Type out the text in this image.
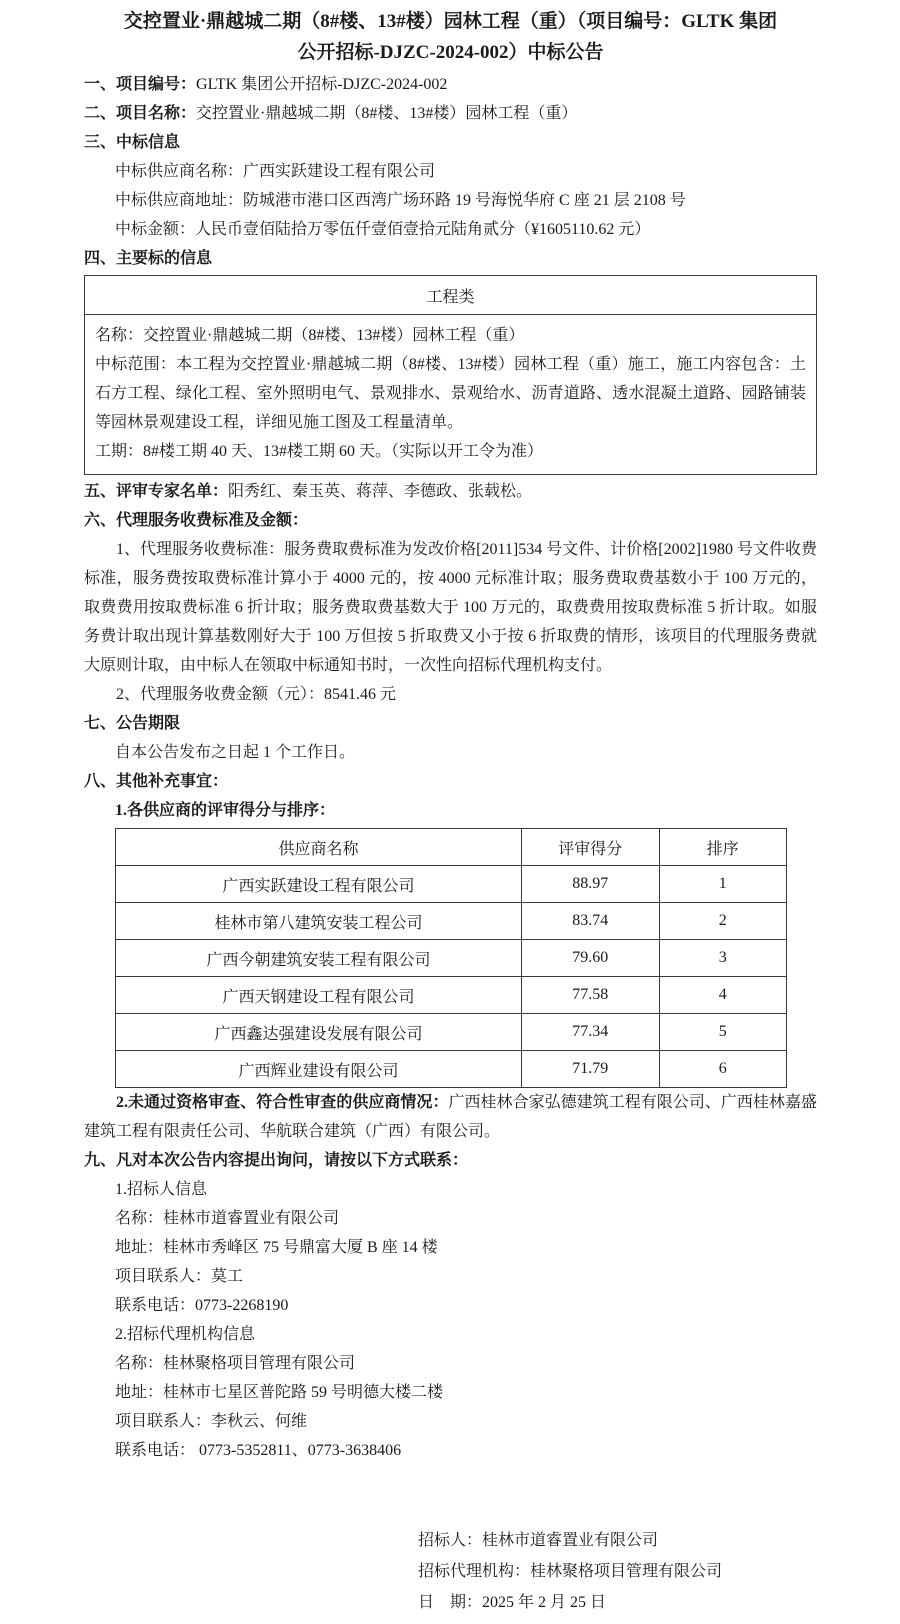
交控置业·鼎越城二期（8#楼、13#楼）园林工程（重）（项目编号：GLTK 集团
公开招标-DJZC-2024-002）中标公告

一、项目编号：GLTK 集团公开招标-DJZC-2024-002

二、项目名称：交控置业·鼎越城二期（8#楼、13#楼）园林工程（重）

三、中标信息

中标供应商名称：广西实跃建设工程有限公司

中标供应商地址：防城港市港口区西湾广场环路 19 号海悦华府 C 座 21 层 2108 号

中标金额：人民币壹佰陆拾万零伍仟壹佰壹拾元陆角贰分（¥1605110.62 元）

四、主要标的信息

工程类

名称：交控置业·鼎越城二期（8#楼、13#楼）园林工程（重）

中标范围：本工程为交控置业·鼎越城二期（8#楼、13#楼）园林工程（重）施工，施工内容包含：土石方工程、绿化工程、室外照明电气、景观排水、景观给水、沥青道路、透水混凝土道路、园路铺装等园林景观建设工程，详细见施工图及工程量清单。

工期：8#楼工期 40 天、13#楼工期 60 天。（实际以开工令为准）

五、评审专家名单：阳秀红、秦玉英、蒋萍、李德政、张载松。

六、代理服务收费标准及金额：

1、代理服务收费标准：服务费取费标准为发改价格[2011]534 号文件、计价格[2002]1980 号文件收费标准，服务费按取费标准计算小于 4000 元的，按 4000 元标准计取；服务费取费基数小于 100 万元的，取费费用按取费标准 6 折计取；服务费取费基数大于 100 万元的，取费费用按取费标准 5 折计取。如服务费计取出现计算基数刚好大于 100 万但按 5 折取费又小于按 6 折取费的情形，该项目的代理服务费就大原则计取，由中标人在领取中标通知书时，一次性向招标代理机构支付。

2、代理服务收费金额（元）：8541.46 元

七、公告期限

自本公告发布之日起 1 个工作日。

八、其他补充事宜：

1.各供应商的评审得分与排序：

供应商名称	评审得分	排序
广西实跃建设工程有限公司	88.97	1
桂林市第八建筑安装工程公司	83.74	2
广西今朝建筑安装工程有限公司	79.60	3
广西天钢建设工程有限公司	77.58	4
广西鑫达强建设发展有限公司	77.34	5
广西辉业建设有限公司	71.79	6

2.未通过资格审查、符合性审查的供应商情况：广西桂林合家弘德建筑工程有限公司、广西桂林嘉盛建筑工程有限责任公司、华航联合建筑（广西）有限公司。

九、凡对本次公告内容提出询问，请按以下方式联系：

1.招标人信息

名称：桂林市道睿置业有限公司

地址：桂林市秀峰区 75 号鼎富大厦 B 座 14 楼

项目联系人：莫工

联系电话：0773-2268190

2.招标代理机构信息

名称：桂林聚格项目管理有限公司

地址：桂林市七星区普陀路 59 号明德大楼二楼

项目联系人：李秋云、何维

联系电话： 0773-5352811、0773-3638406

招标人：桂林市道睿置业有限公司

招标代理机构：桂林聚格项目管理有限公司

日　期：2025 年 2 月 25 日
